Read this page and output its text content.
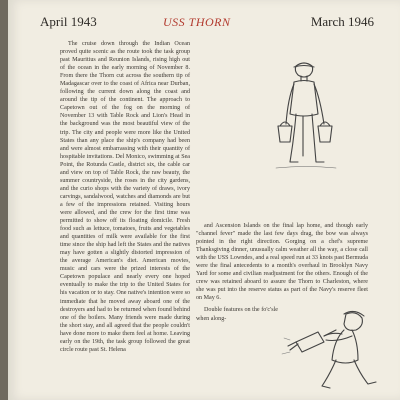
April 1943	USS THORN	March 1946

The cruise down through the Indian Ocean proved quite scenic as the route took the task group past Mauritius and Reunion Islands, rising high out of the ocean in the early morning of November 8. From there the Thorn cut across the southern tip of Madagascar over to the coast of Africa near Durban, following the current down along the coast and around the tip of the continent. The approach to Capetown out of the fog on the morning of November 13 with Table Rock and Lion's Head in the background was the most beautiful view of the trip. The city and people were more like the United States than any place the ship's company had been and were almost embarrassing with their quantity of hospitable invitations. Del Monico, swimming at Sea Point, the Rotunda Castle, district six, the cable car and view on top of Table Rock, the raw beauty, the summer countryside, the roses in the city gardens, and the curio shops with the variety of draws, ivory carvings, sandalwood, watches and diamonds are but a few of the impressions retained. Visiting hours were allowed, and the crew for the first time was permitted to show off its floating domicile. Fresh food such as lettuce, tomatoes, fruits and vegetables and quantities of milk were available for the first time since the ship had left the States and the natives may have gotten a slightly distorted impression of the average American's diet. American movies, music and cars were the prized interests of the Capetown populace and nearly every one hoped eventually to make the trip to the United States for his vacation or to stay. One native's intention were so immediate that he moved away aboard one of the destroyers and had to be returned when found behind one of the boilers. Many friends were made during the short stay, and all agreed that the people couldn't have done more to make them feel at home. Leaving early on the 19th, the task group followed the great circle route past St. Helena

and Ascension Islands on the final lap home, and though early "channel fever" made the last few days drag, the bow was always pointed in the right direction. Gorging on a chef's supreme Thanksgiving dinner, unusually calm weather all the way, a close call with the USS Lowndes, and a real speed run at 33 knots past Bermuda were the final antecedents to a month's overhaul in Brooklyn Navy Yard for some and civilian readjustment for the others. Enough of the crew was retained aboard to assure the Thorn to Charleston, where she was put into the reserve status as part of the Navy's reserve fleet on May 6.

Double features on the fo'c'sle when along-
